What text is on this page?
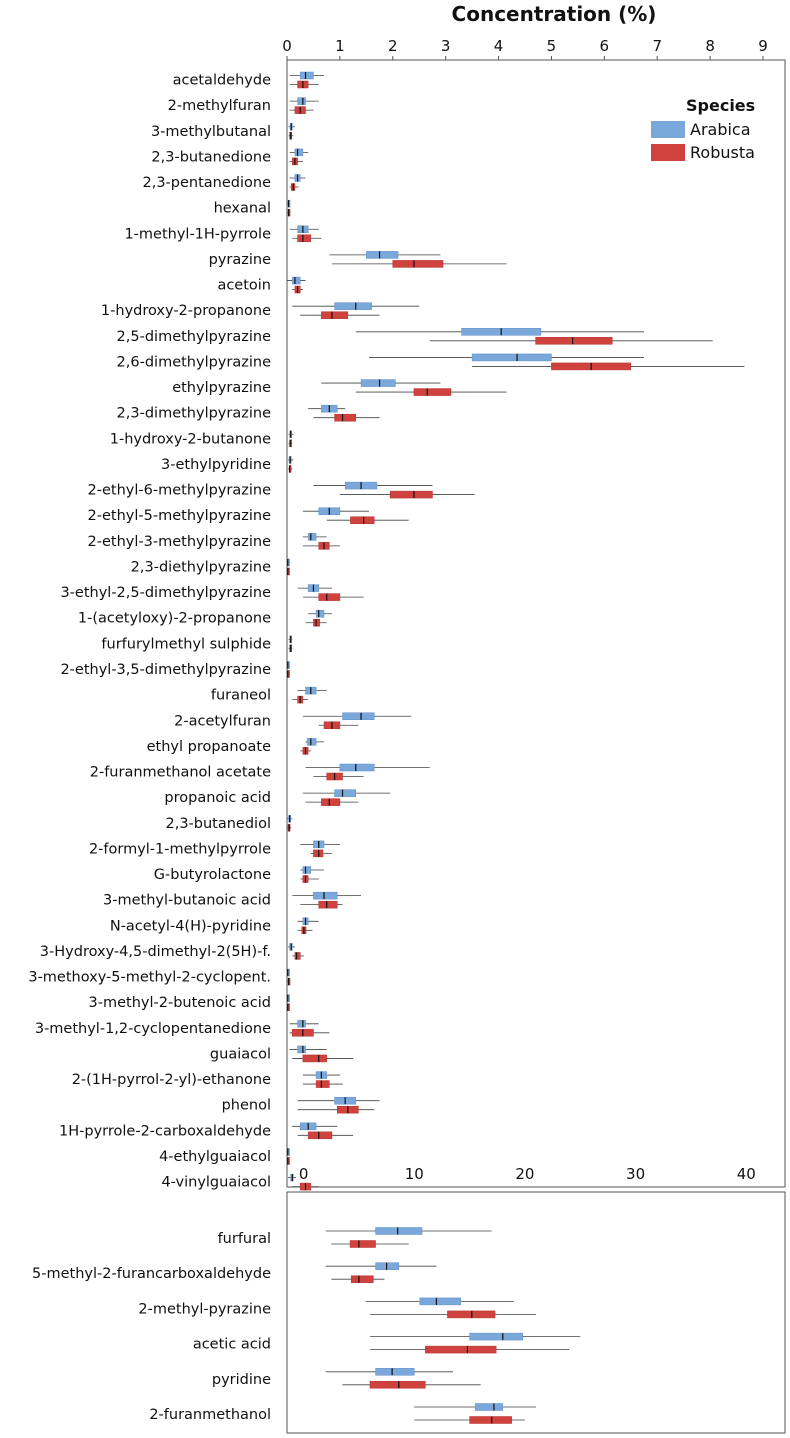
Concentration (%)
0	1	2	3	4	5	6	7	8	9
0	10	20	30	40
acetaldehyde
2-methylfuran
3-methylbutanal
2,3-butanedione
2,3-pentanedione
hexanal
1-methyl-1H-pyrrole
pyrazine
acetoin
1-hydroxy-2-propanone
2,5-dimethylpyrazine
2,6-dimethylpyrazine
ethylpyrazine
2,3-dimethylpyrazine
1-hydroxy-2-butanone
3-ethylpyridine
2-ethyl-6-methylpyrazine
2-ethyl-5-methylpyrazine
2-ethyl-3-methylpyrazine
2,3-diethylpyrazine
3-ethyl-2,5-dimethylpyrazine
1-(acetyloxy)-2-propanone
furfurylmethyl sulphide
2-ethyl-3,5-dimethylpyrazine
furaneol
2-acetylfuran
ethyl propanoate
2-furanmethanol acetate
propanoic acid
2,3-butanediol
2-formyl-1-methylpyrrole
G-butyrolactone
3-methyl-butanoic acid
N-acetyl-4(H)-pyridine
3-Hydroxy-4,5-dimethyl-2(5H)-f.
3-methoxy-5-methyl-2-cyclopent.
3-methyl-2-butenoic acid
3-methyl-1,2-cyclopentanedione
guaiacol
2-(1H-pyrrol-2-yl)-ethanone
phenol
1H-pyrrole-2-carboxaldehyde
4-ethylguaiacol
4-vinylguaiacol
furfural
5-methyl-2-furancarboxaldehyde
2-methyl-pyrazine
acetic acid
pyridine
2-furanmethanol
Species
Arabica
Robusta
